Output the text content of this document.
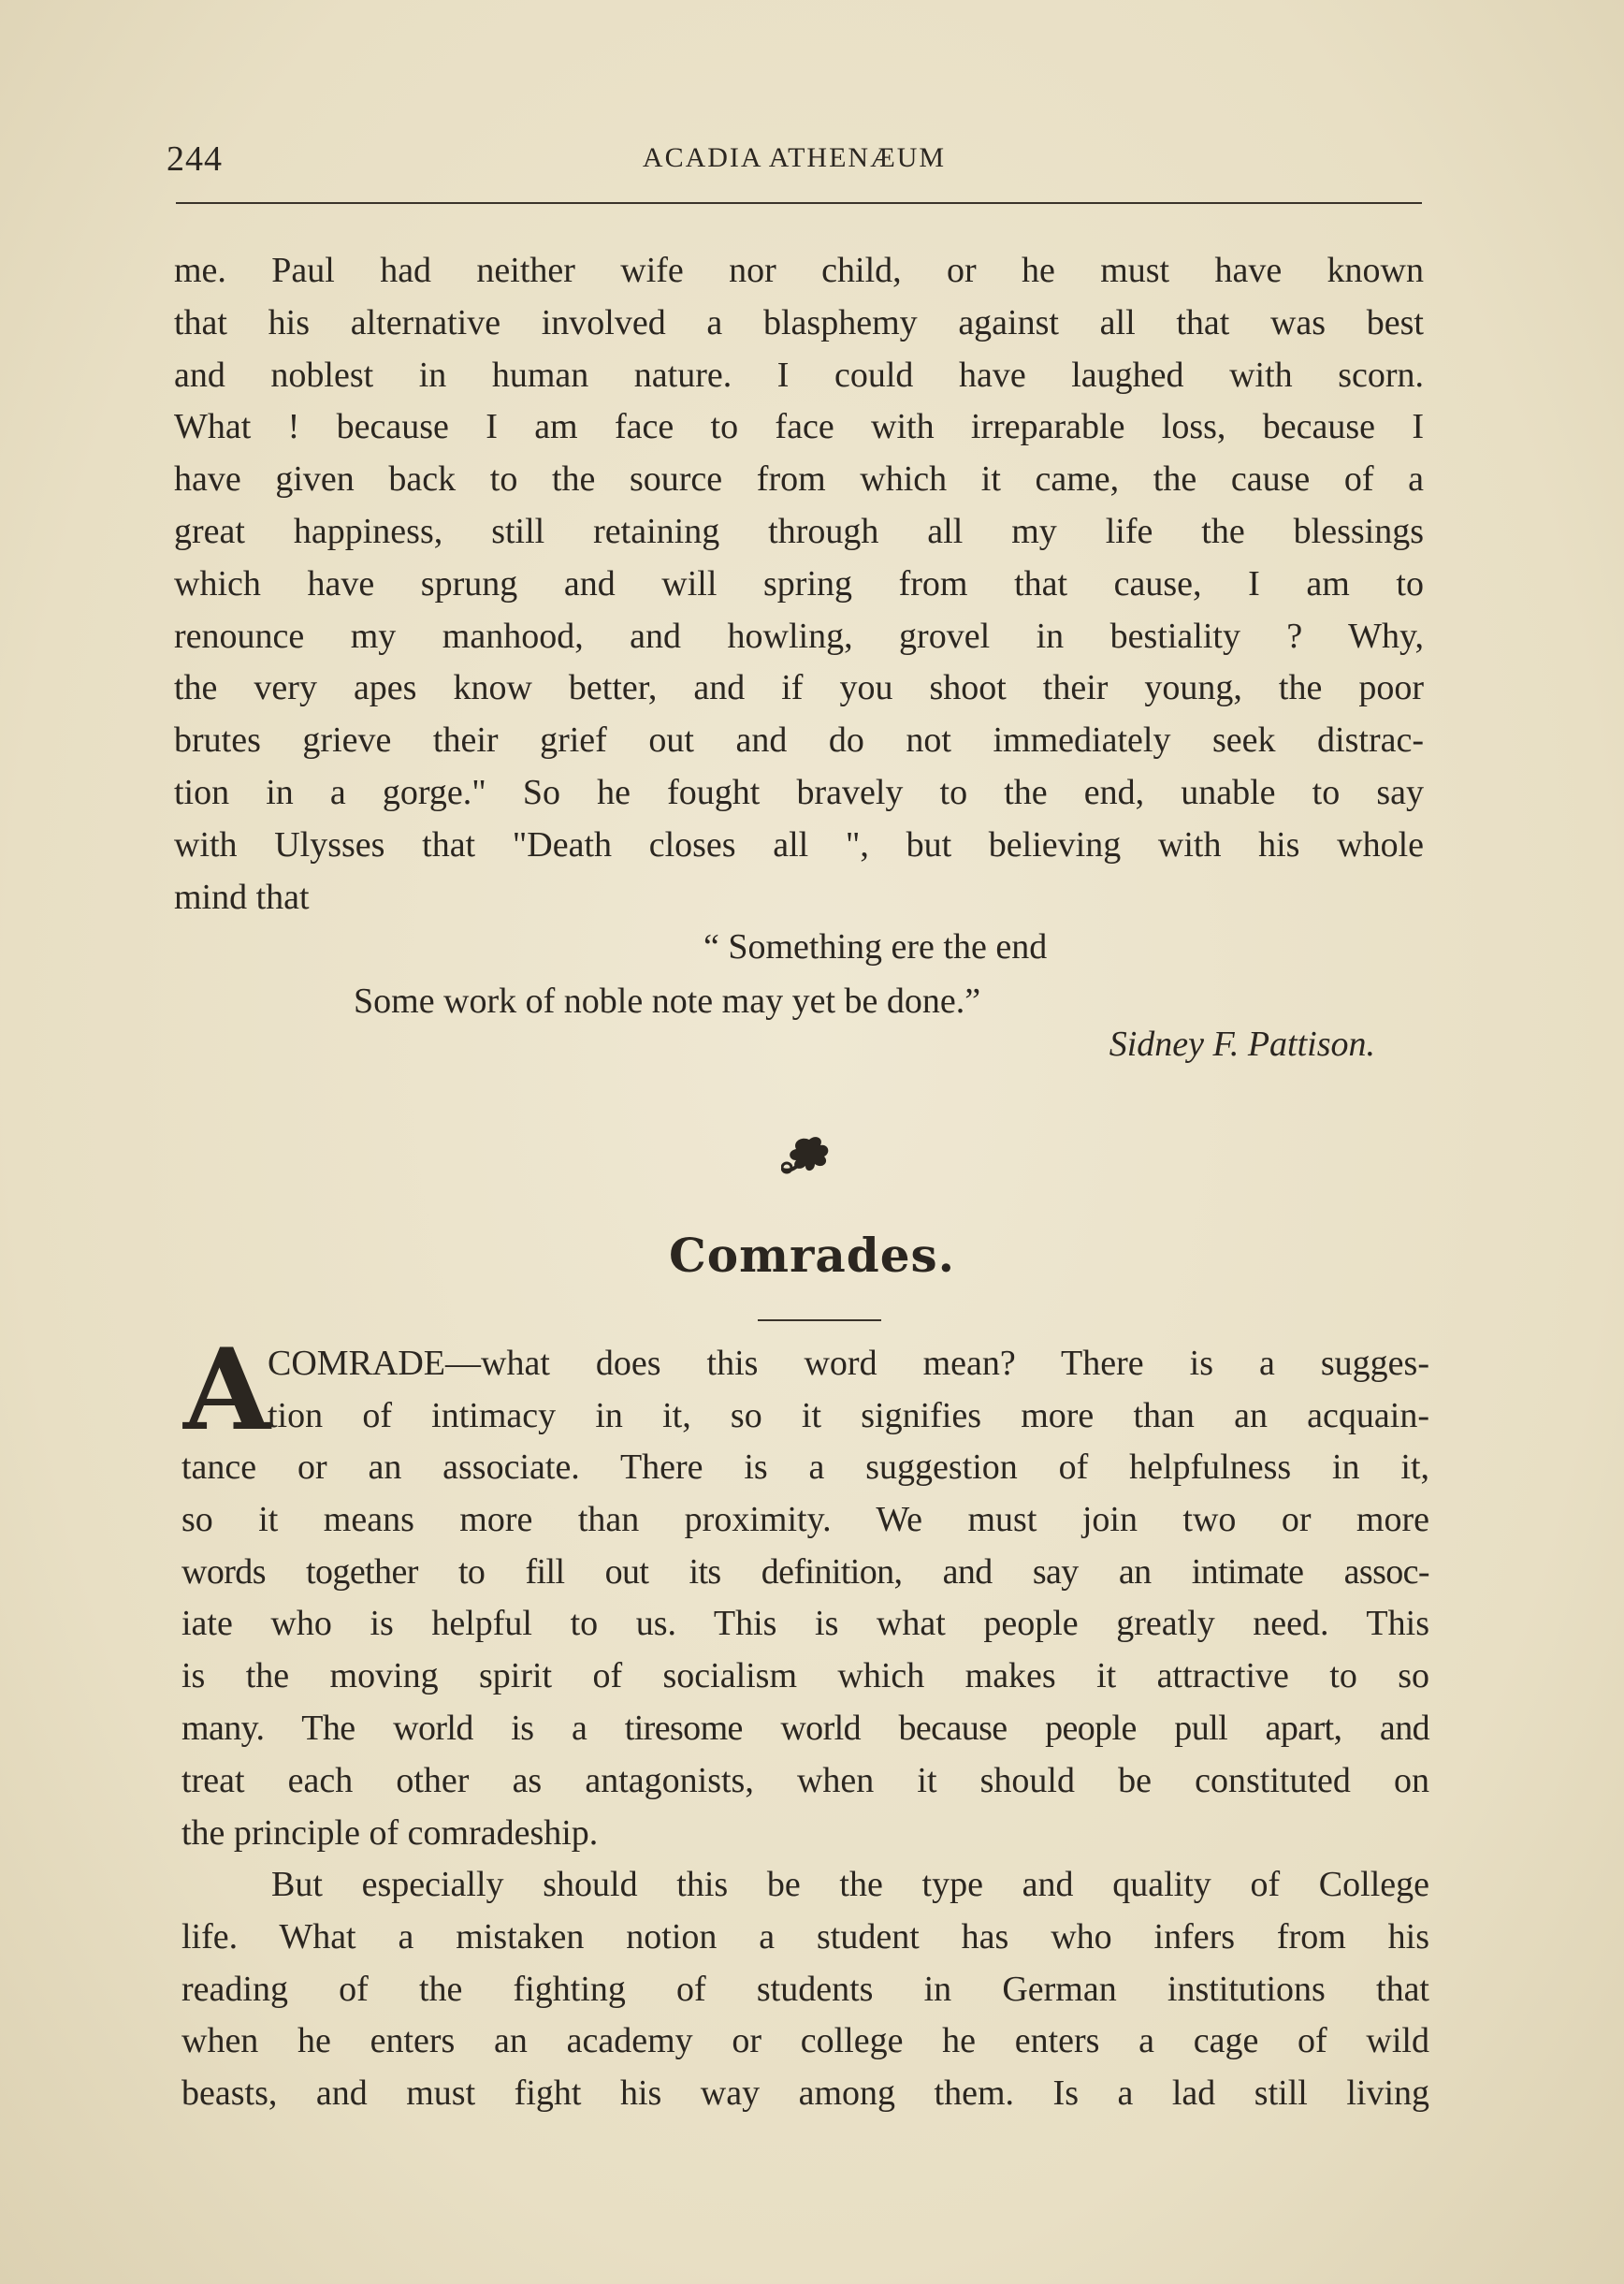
244	ACADIA ATHENÆUM
me. Paul had neither wife nor child, or he must have known
that his alternative involved a blasphemy against all that was best
and noblest in human nature. I could have laughed with scorn.
What ! because I am face to face with irreparable loss, because I
have given back to the source from which it came, the cause of a
great happiness, still retaining through all my life the blessings
which have sprung and will spring from that cause, I am to
renounce my manhood, and howling, grovel in bestiality ? Why,
the very apes know better, and if you shoot their young, the poor
brutes grieve their grief out and do not immediately seek distrac-
tion in a gorge." So he fought bravely to the end, unable to say
with Ulysses that "Death closes all ", but believing with his whole
mind that
“ Something ere the end
Some work of noble note may yet be done.”
Sidney F. Pattison.
Comrades.
A
COMRADE—what does this word mean? There is a sugges-
tion of intimacy in it, so it signifies more than an acquain-
tance or an associate. There is a suggestion of helpfulness in it,
so it means more than proximity. We must join two or more
words together to fill out its definition, and say an intimate assoc-
iate who is helpful to us. This is what people greatly need. This
is the moving spirit of socialism which makes it attractive to so
many. The world is a tiresome world because people pull apart, and
treat each other as antagonists, when it should be constituted on
the principle of comradeship.
But especially should this be the type and quality of College
life. What a mistaken notion a student has who infers from his
reading of the fighting of students in German institutions that
when he enters an academy or college he enters a cage of wild
beasts, and must fight his way among them. Is a lad still living
